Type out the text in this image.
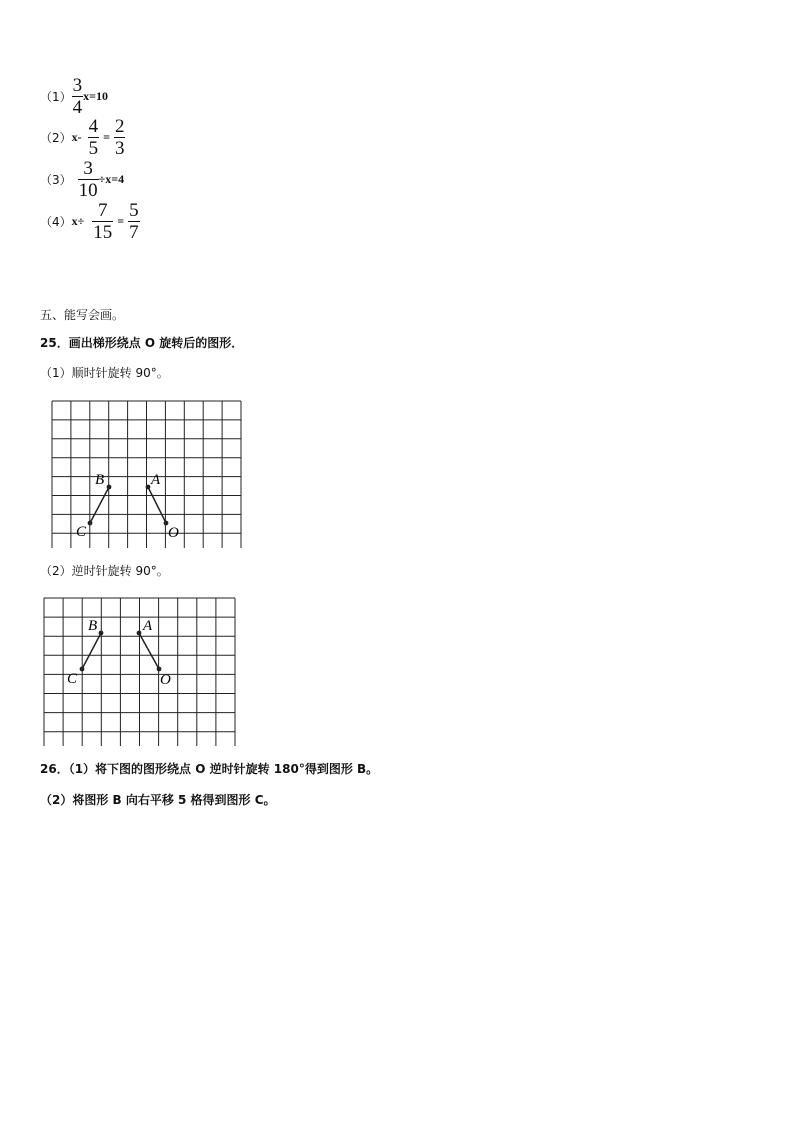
$(1) \frac{3}{4} x=10$
（2） $x- \frac{4}{5} = \frac{2}{3}$
$(3) \frac{3}{10} \div x=4$
（4） $x\div \frac{7}{15} = \frac{5}{7}$
五、能写会画。
25．画出梯形绕点 O 旋转后的图形．
（1）顺时针旋转 90°。
B	A
C	O
（2）逆时针旋转 90°。
B	A
C	O
26．（1）将下图的图形绕点 O 逆时针旋转 180°得到图形 B。
（2）将图形 B 向右平移 5 格得到图形 C。
